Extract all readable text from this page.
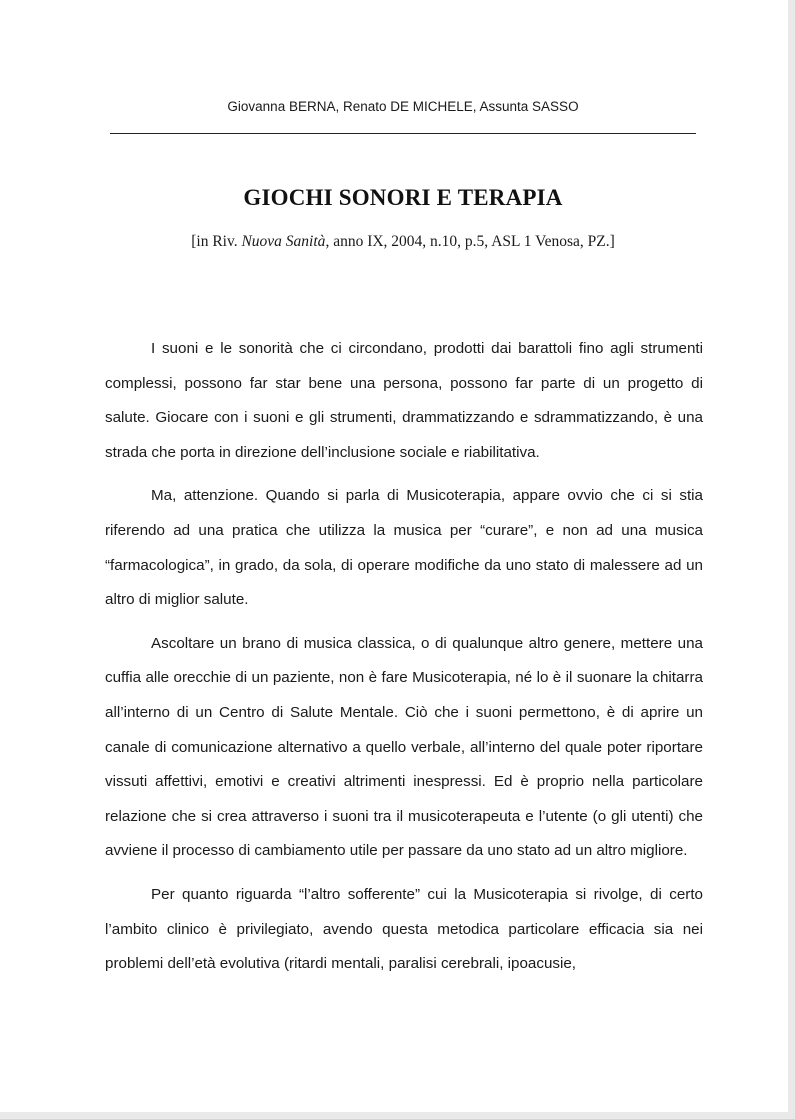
Giovanna BERNA, Renato DE MICHELE, Assunta SASSO
GIOCHI SONORI E TERAPIA
[in Riv. Nuova Sanità, anno IX, 2004, n.10, p.5, ASL 1 Venosa, PZ.]

I suoni e le sonorità che ci circondano, prodotti dai barattoli fino agli strumenti complessi, possono far star bene una persona, possono far parte di un progetto di salute. Giocare con i suoni e gli strumenti, drammatizzando e sdrammatizzando, è una strada che porta in direzione dell’inclusione sociale e riabilitativa.

Ma, attenzione. Quando si parla di Musicoterapia, appare ovvio che ci si stia riferendo ad una pratica che utilizza la musica per “curare”, e non ad una musica “farmacologica”, in grado, da sola, di operare modifiche da uno stato di malessere ad un altro di miglior salute.

Ascoltare un brano di musica classica, o di qualunque altro genere, mettere una cuffia alle orecchie di un paziente, non è fare Musicoterapia, né lo è il suonare la chitarra all’interno di un Centro di Salute Mentale. Ciò che i suoni permettono, è di aprire un canale di comunicazione alternativo a quello verbale, all’interno del quale poter riportare vissuti affettivi, emotivi e creativi altrimenti inespressi. Ed è proprio nella particolare relazione che si crea attraverso i suoni tra il musicoterapeuta e l’utente (o gli utenti) che avviene il processo di cambiamento utile per passare da uno stato ad un altro migliore.

Per quanto riguarda “l’altro sofferente” cui la Musicoterapia si rivolge, di certo l’ambito clinico è privilegiato, avendo questa metodica particolare efficacia sia nei problemi dell’età evolutiva (ritardi mentali, paralisi cerebrali, ipoacusie,
